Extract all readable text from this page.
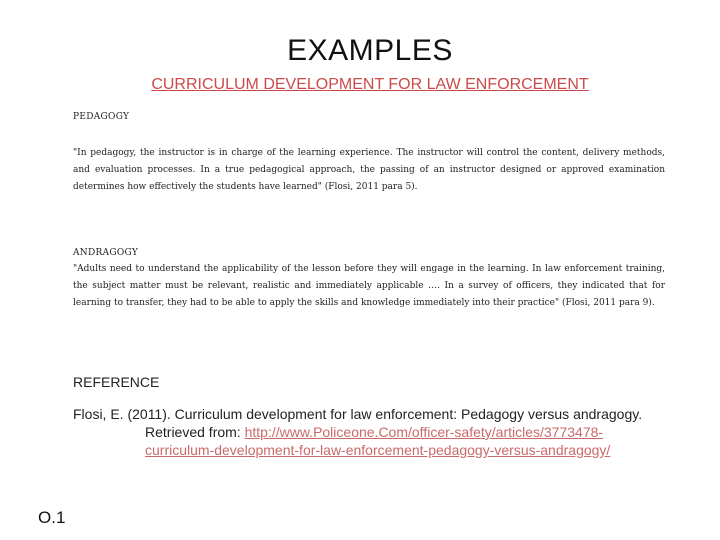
EXAMPLES
CURRICULUM DEVELOPMENT FOR LAW ENFORCEMENT
PEDAGOGY
"In pedagogy, the instructor is in charge of the learning experience. The instructor will control the content, delivery methods, and evaluation processes. In a true pedagogical approach, the passing of an instructor designed or approved examination determines how effectively the students have learned" (Flosi, 2011 para 5).
ANDRAGOGY
"Adults need to understand the applicability of the lesson before they will engage in the learning. In law enforcement training, the subject matter must be relevant, realistic and immediately applicable …. In a survey of officers, they indicated that for learning to transfer, they had to be able to apply the skills and knowledge immediately into their practice" (Flosi, 2011 para 9).
REFERENCE
Flosi, E. (2011). Curriculum development for law enforcement: Pedagogy versus andragogy.
Retrieved from: http://www.Policeone.Com/officer-safety/articles/3773478-
curriculum-development-for-law-enforcement-pedagogy-versus-andragogy/
O.1
